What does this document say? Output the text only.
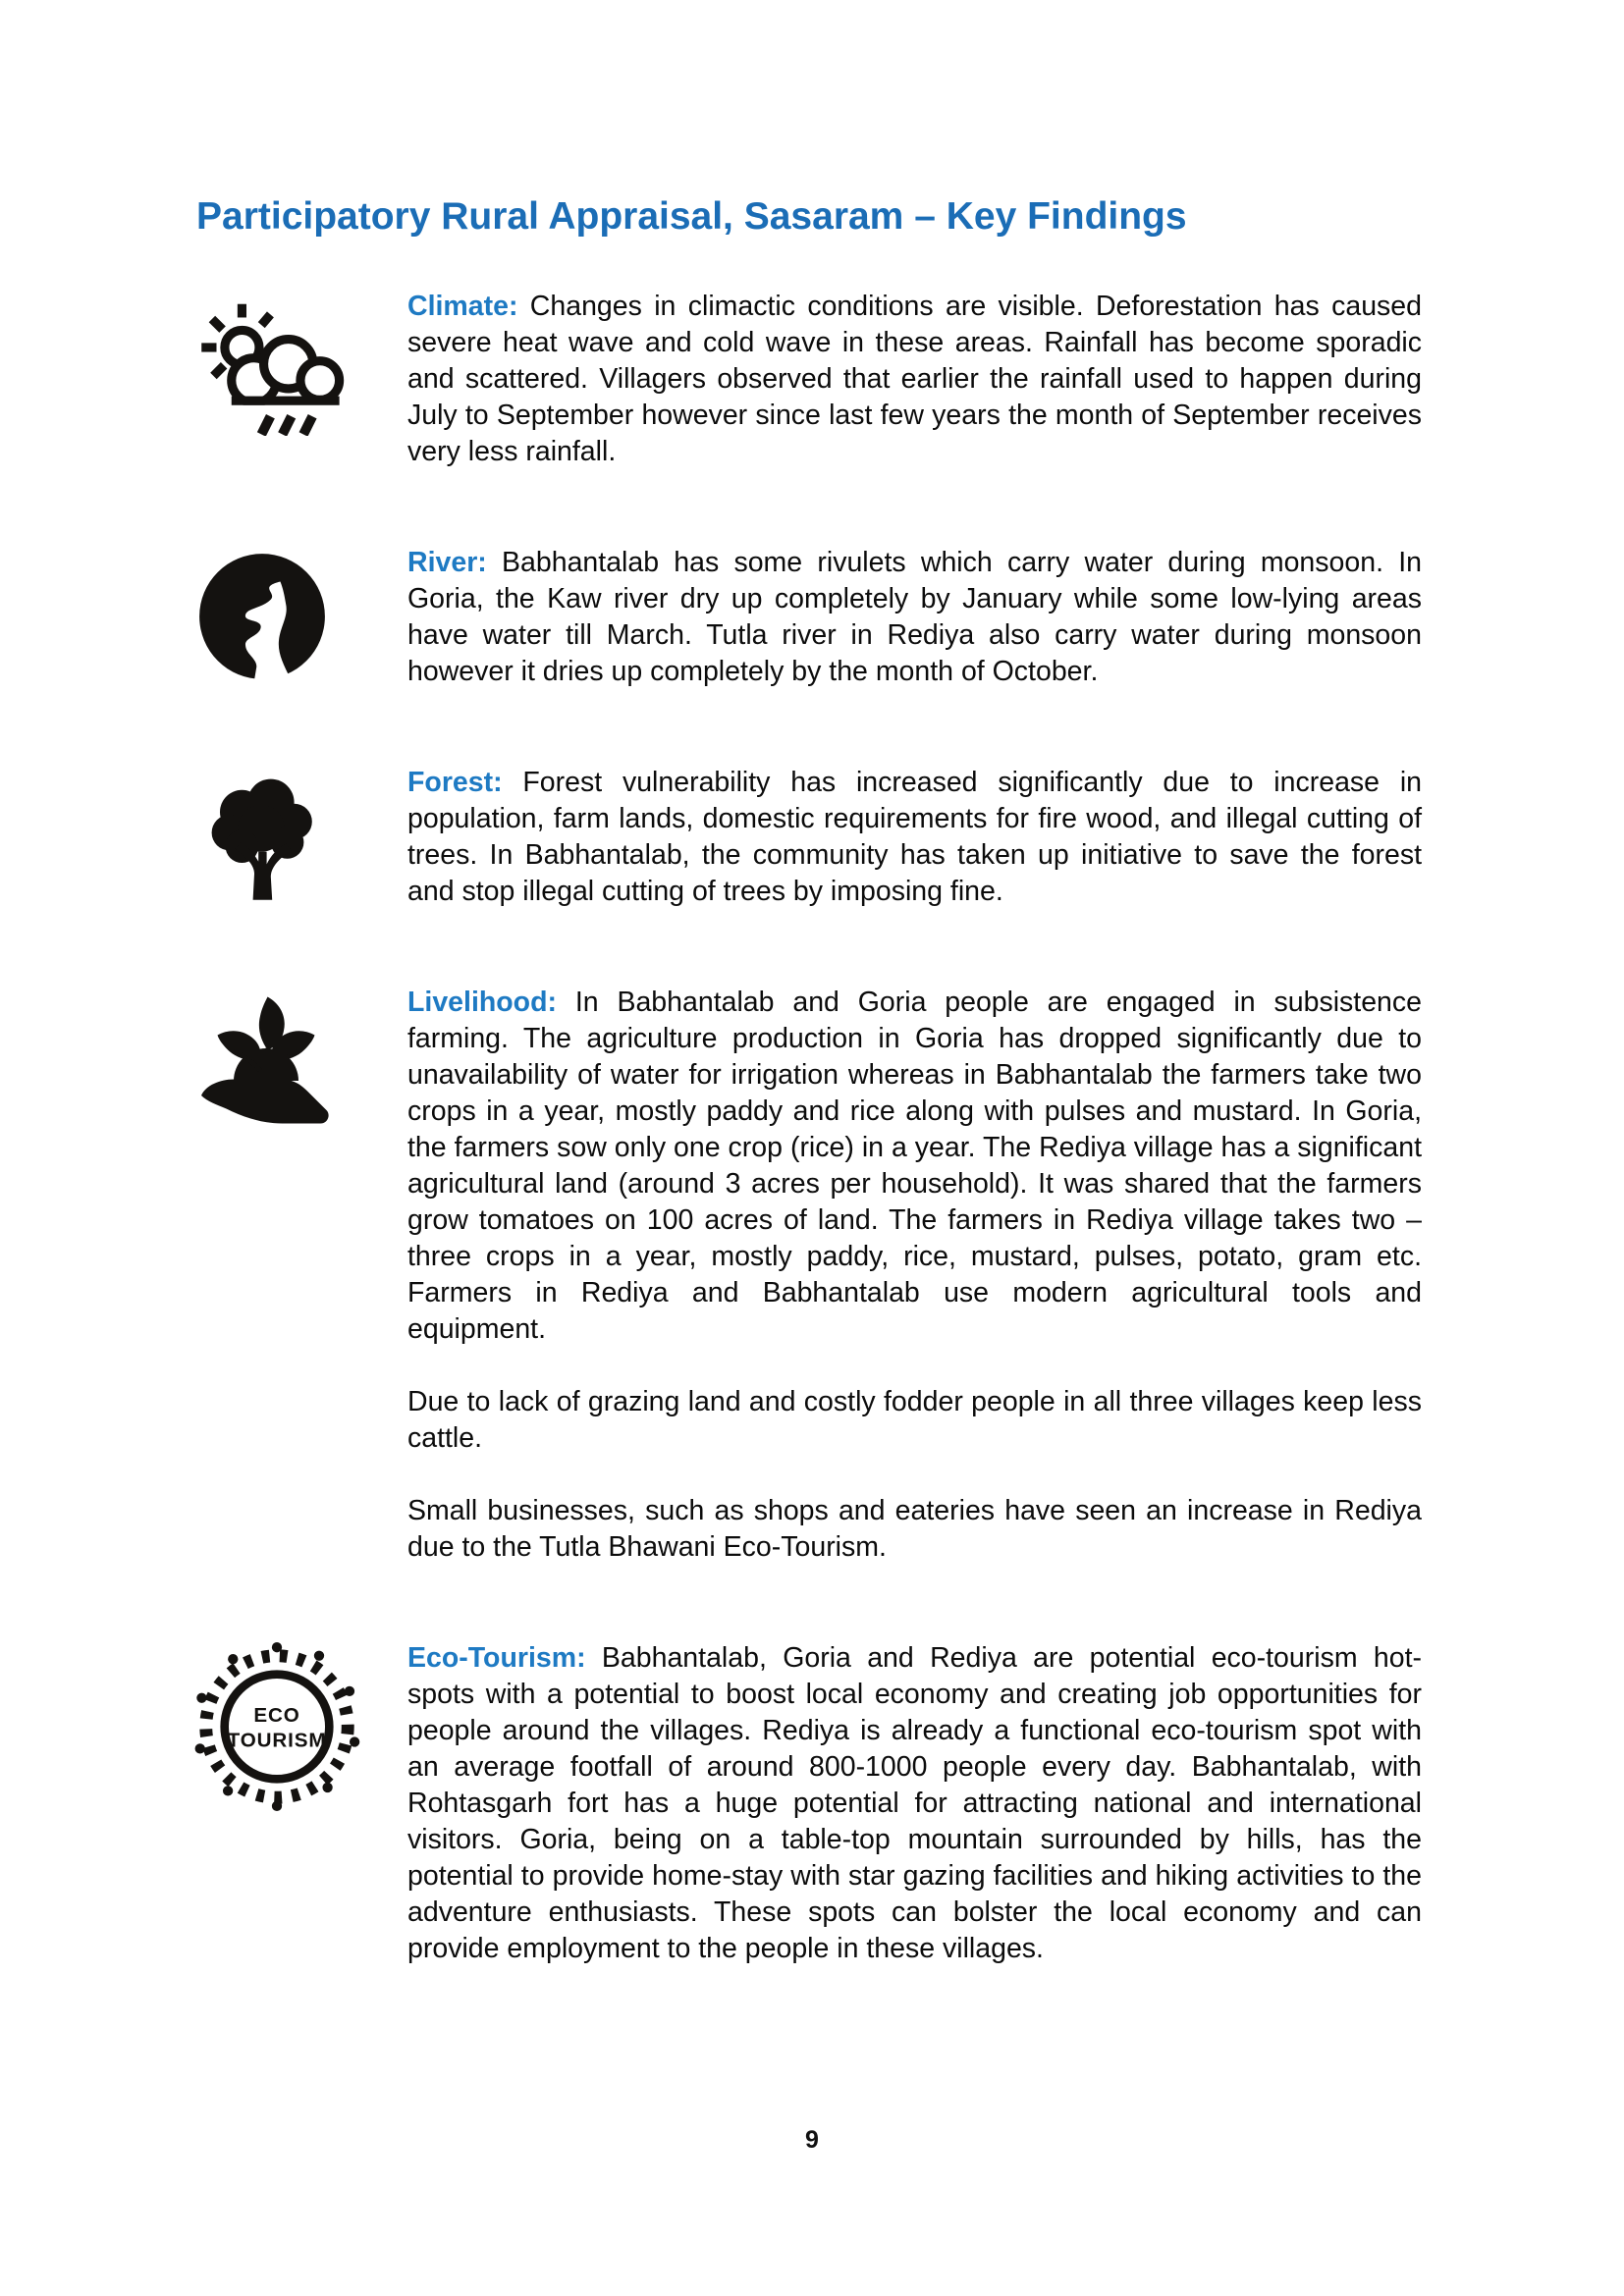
Participatory Rural Appraisal, Sasaram – Key Findings

Climate: Changes in climactic conditions are visible. Deforestation has caused severe heat wave and cold wave in these areas. Rainfall has become sporadic and scattered. Villagers observed that earlier the rainfall used to happen during July to September however since last few years the month of September receives very less rainfall.

River: Babhantalab has some rivulets which carry water during monsoon. In Goria, the Kaw river dry up completely by January while some low-lying areas have water till March. Tutla river in Rediya also carry water during monsoon however it dries up completely by the month of October.

Forest: Forest vulnerability has increased significantly due to increase in population, farm lands, domestic requirements for fire wood, and illegal cutting of trees. In Babhantalab, the community has taken up initiative to save the forest and stop illegal cutting of trees by imposing fine.

Livelihood: In Babhantalab and Goria people are engaged in subsistence farming. The agriculture production in Goria has dropped significantly due to unavailability of water for irrigation whereas in Babhantalab the farmers take two crops in a year, mostly paddy and rice along with pulses and mustard. In Goria, the farmers sow only one crop (rice) in a year. The Rediya village has a significant agricultural land (around 3 acres per household). It was shared that the farmers grow tomatoes on 100 acres of land. The farmers in Rediya village takes two – three crops in a year, mostly paddy, rice, mustard, pulses, potato, gram etc. Farmers in Rediya and Babhantalab use modern agricultural tools and equipment.

Due to lack of grazing land and costly fodder people in all three villages keep less cattle.

Small businesses, such as shops and eateries have seen an increase in Rediya due to the Tutla Bhawani Eco-Tourism.

ECO
TOURISM

Eco-Tourism: Babhantalab, Goria and Rediya are potential eco-tourism hot-spots with a potential to boost local economy and creating job opportunities for people around the villages. Rediya is already a functional eco-tourism spot with an average footfall of around 800-1000 people every day. Babhantalab, with Rohtasgarh fort has a huge potential for attracting national and international visitors. Goria, being on a table-top mountain surrounded by hills, has the potential to provide home-stay with star gazing facilities and hiking activities to the adventure enthusiasts. These spots can bolster the local economy and can provide employment to the people in these villages.

9
